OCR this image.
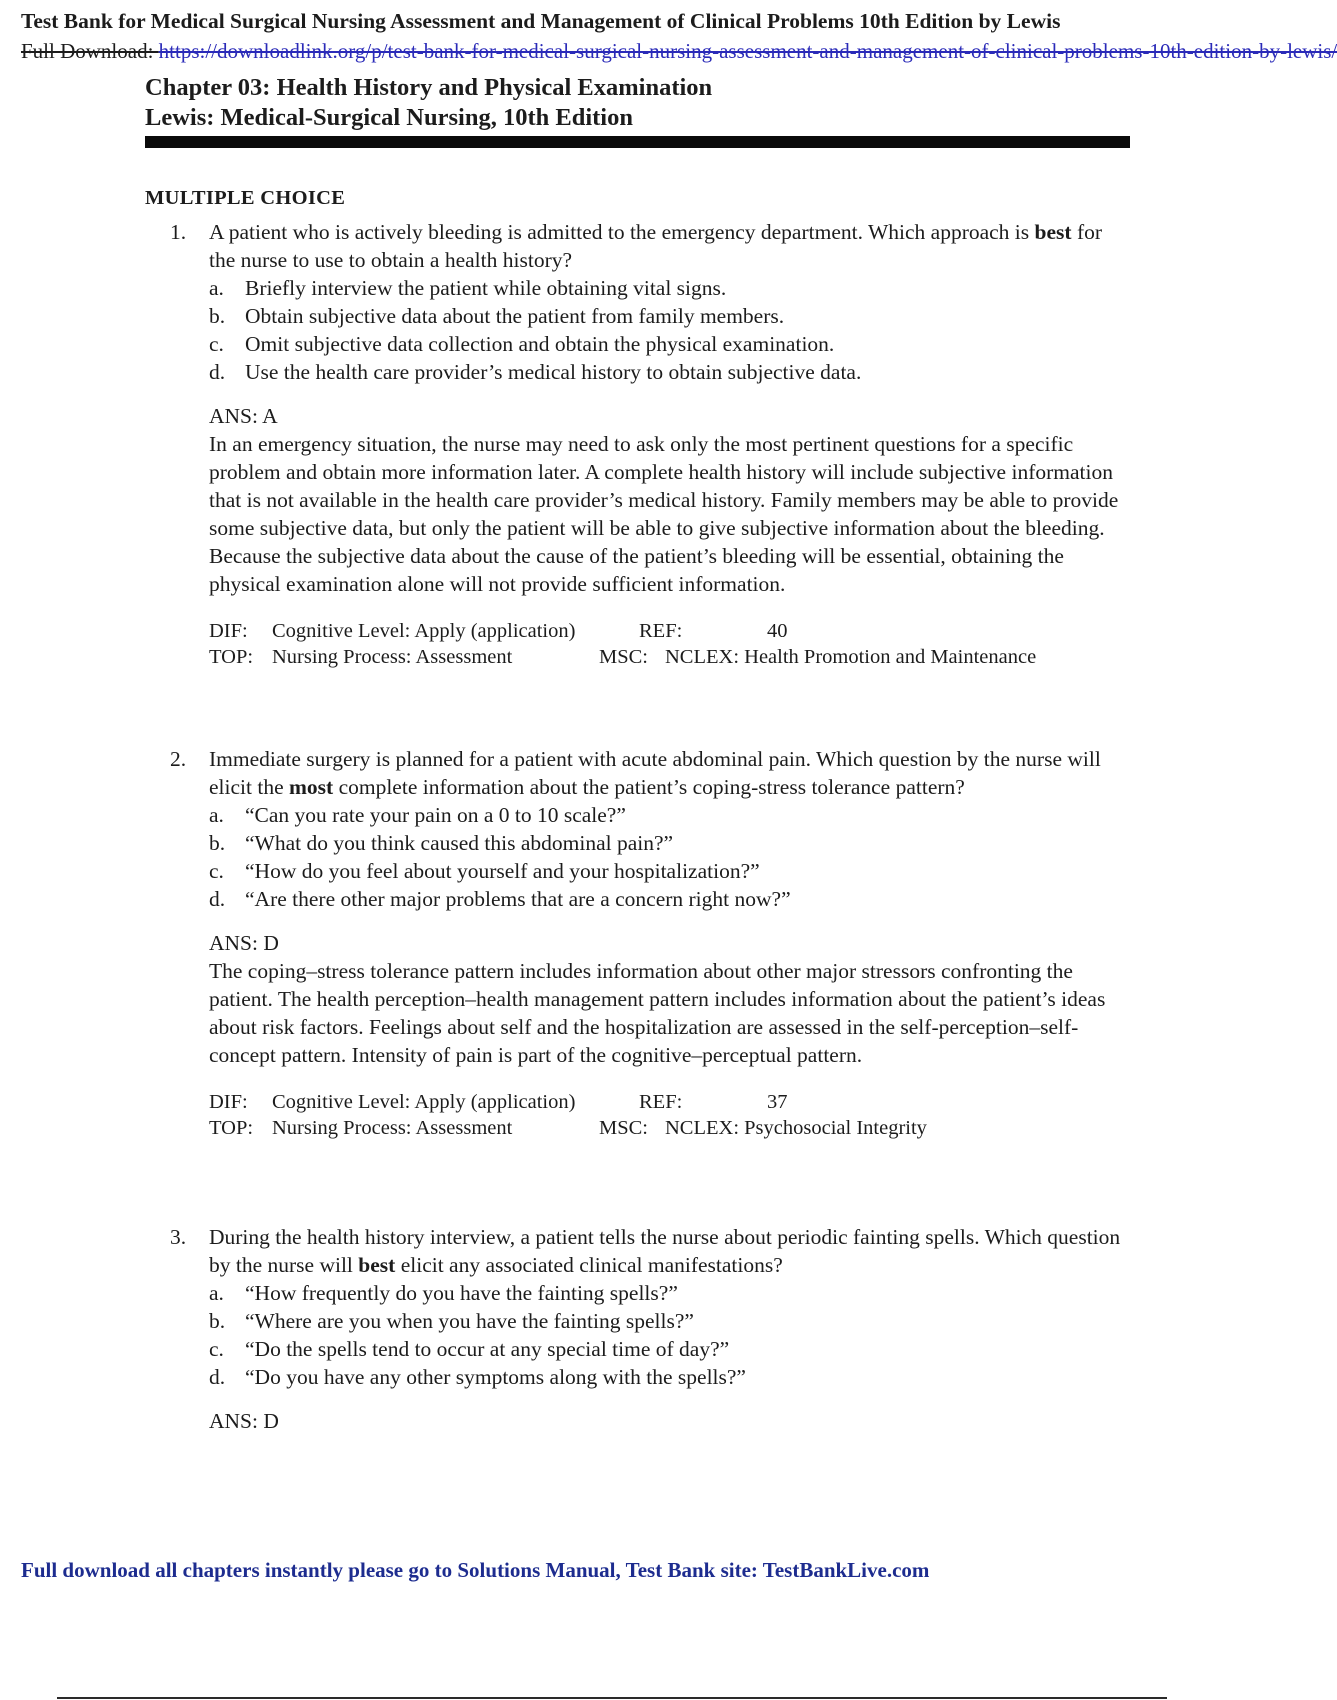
Test Bank for Medical Surgical Nursing Assessment and Management of Clinical Problems 10th Edition by Lewis
Full Download: https://downloadlink.org/p/test-bank-for-medical-surgical-nursing-assessment-and-management-of-clinical-problems-10th-edition-by-lewis/
Chapter 03: Health History and Physical Examination
Lewis: Medical-Surgical Nursing, 10th Edition
MULTIPLE CHOICE
1.	A patient who is actively bleeding is admitted to the emergency department. Which approach is best for the nurse to use to obtain a health history?
a. Briefly interview the patient while obtaining vital signs.
b. Obtain subjective data about the patient from family members.
c. Omit subjective data collection and obtain the physical examination.
d. Use the health care provider’s medical history to obtain subjective data.
ANS: A
In an emergency situation, the nurse may need to ask only the most pertinent questions for a specific problem and obtain more information later. A complete health history will include subjective information that is not available in the health care provider’s medical history. Family members may be able to provide some subjective data, but only the patient will be able to give subjective information about the bleeding. Because the subjective data about the cause of the patient’s bleeding will be essential, obtaining the physical examination alone will not provide sufficient information.
DIF:	Cognitive Level: Apply (application)	REF:	40
TOP: Nursing Process: Assessment	MSC: NCLEX: Health Promotion and Maintenance
2.	Immediate surgery is planned for a patient with acute abdominal pain. Which question by the nurse will elicit the most complete information about the patient’s coping-stress tolerance pattern?
a. “Can you rate your pain on a 0 to 10 scale?”
b. “What do you think caused this abdominal pain?”
c. “How do you feel about yourself and your hospitalization?”
d. “Are there other major problems that are a concern right now?”
ANS: D
The coping–stress tolerance pattern includes information about other major stressors confronting the patient. The health perception–health management pattern includes information about the patient’s ideas about risk factors. Feelings about self and the hospitalization are assessed in the self-perception–self-concept pattern. Intensity of pain is part of the cognitive–perceptual pattern.
DIF:	Cognitive Level: Apply (application)	REF:	37
TOP: Nursing Process: Assessment	MSC: NCLEX: Psychosocial Integrity
3.	During the health history interview, a patient tells the nurse about periodic fainting spells. Which question by the nurse will best elicit any associated clinical manifestations?
a. “How frequently do you have the fainting spells?”
b. “Where are you when you have the fainting spells?”
c. “Do the spells tend to occur at any special time of day?”
d. “Do you have any other symptoms along with the spells?”
ANS: D
Full download all chapters instantly please go to Solutions Manual, Test Bank site: TestBankLive.com
